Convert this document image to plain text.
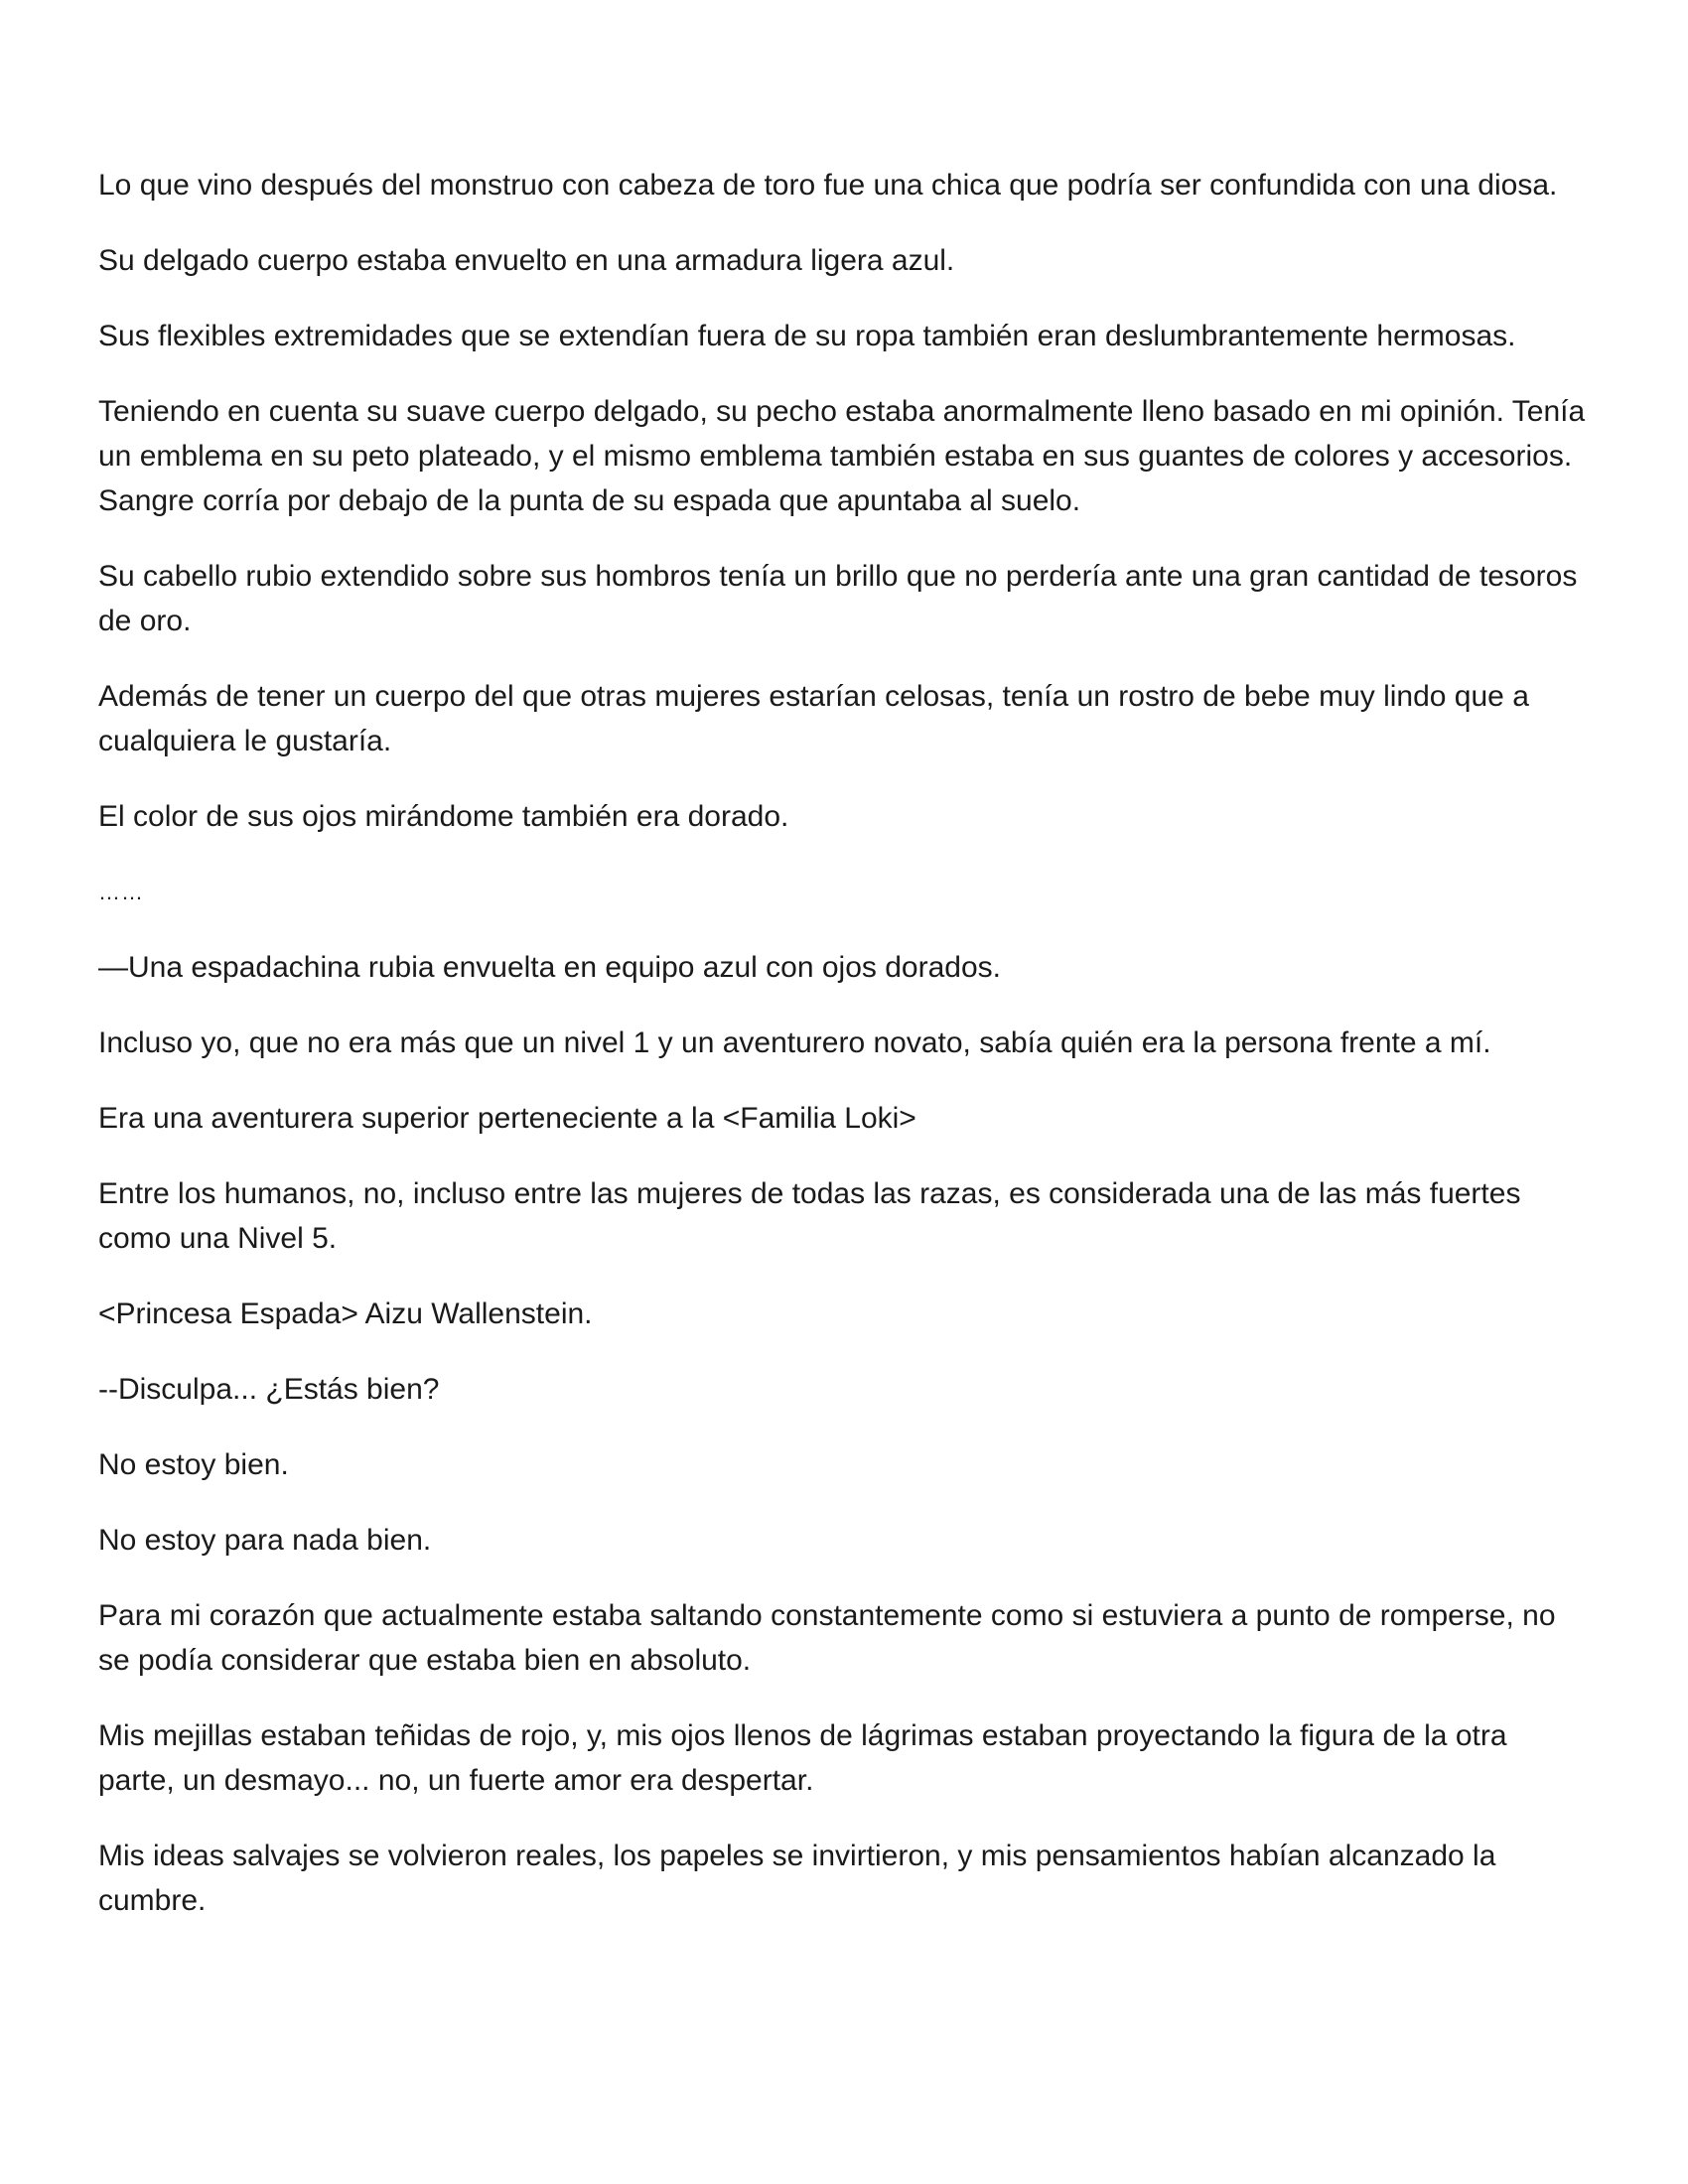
Lo que vino después del monstruo con cabeza de toro fue una chica que podría ser confundida con una diosa.

Su delgado cuerpo estaba envuelto en una armadura ligera azul.

Sus flexibles extremidades que se extendían fuera de su ropa también eran deslumbrantemente hermosas.

Teniendo en cuenta su suave cuerpo delgado, su pecho estaba anormalmente lleno basado en mi opinión. Tenía un emblema en su peto plateado, y el mismo emblema también estaba en sus guantes de colores y accesorios. Sangre corría por debajo de la punta de su espada que apuntaba al suelo.

Su cabello rubio extendido sobre sus hombros tenía un brillo que no perdería ante una gran cantidad de tesoros de oro.

Además de tener un cuerpo del que otras mujeres estarían celosas, tenía un rostro de bebe muy lindo que a cualquiera le gustaría.

El color de sus ojos mirándome también era dorado.

……

—Una espadachina rubia envuelta en equipo azul con ojos dorados.

Incluso yo, que no era más que un nivel 1 y un aventurero novato, sabía quién era la persona frente a mí.

Era una aventurera superior perteneciente a la <Familia Loki>

Entre los humanos, no, incluso entre las mujeres de todas las razas, es considerada una de las más fuertes como una Nivel 5.

<Princesa Espada> Aizu Wallenstein.

--Disculpa... ¿Estás bien?

No estoy bien.

No estoy para nada bien.

Para mi corazón que actualmente estaba saltando constantemente como si estuviera a punto de romperse, no se podía considerar que estaba bien en absoluto.

Mis mejillas estaban teñidas de rojo, y, mis ojos llenos de lágrimas estaban proyectando la figura de la otra parte, un desmayo... no, un fuerte amor era despertar.

Mis ideas salvajes se volvieron reales, los papeles se invirtieron, y mis pensamientos habían alcanzado la cumbre.
